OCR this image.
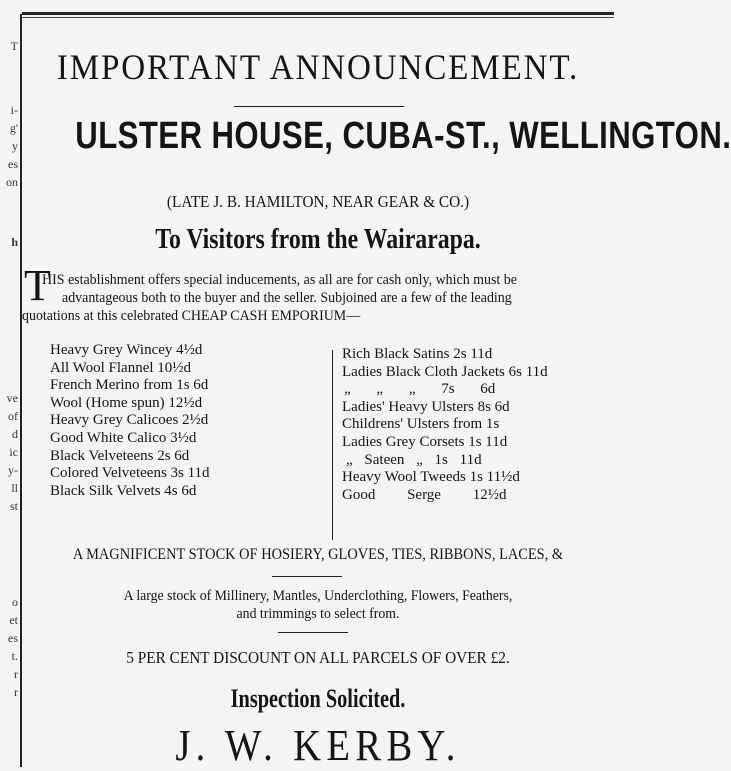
T
i-
g'
y
es
on
h
ve
of
d
ic
y-
ll
st
o
et
es
t.
r
r
IMPORTANT ANNOUNCEMENT.
ULSTER HOUSE, CUBA-ST., WELLINGTON.
(LATE J. B. HAMILTON, NEAR GEAR & CO.)
To Visitors from the Wairarapa.
T
HIS establishment offers special inducements, as all are for cash only, which must be
advantageous both to the buyer and the seller. Subjoined are a few of the leading
quotations at this celebrated CHEAP CASH EMPORIUM—
Heavy Grey Wincey 4½d
All Wool Flannel 10½d
French Merino from 1s 6d
Wool (Home spun) 12½d
Heavy Grey Calicoes 2½d
Good White Calico 3½d
Black Velveteens 2s 6d
Colored Velveteens 3s 11d
Black Silk Velvets 4s 6d
Rich Black Satins 2s 11d
Ladies Black Cloth Jackets 6s 11d
„ „ „ 7s 6d
Ladies' Heavy Ulsters 8s 6d
Childrens' Ulsters from 1s
Ladies Grey Corsets 1s 11d
„ Sateen „ 1s 11d
Heavy Wool Tweeds 1s 11½d
Good Serge 12½d
A MAGNIFICENT STOCK OF HOSIERY, GLOVES, TIES, RIBBONS, LACES, &
A large stock of Millinery, Mantles, Underclothing, Flowers, Feathers,
and trimmings to select from.
5 PER CENT DISCOUNT ON ALL PARCELS OF OVER £2.
Inspection Solicited.
J. W. KERBY.
